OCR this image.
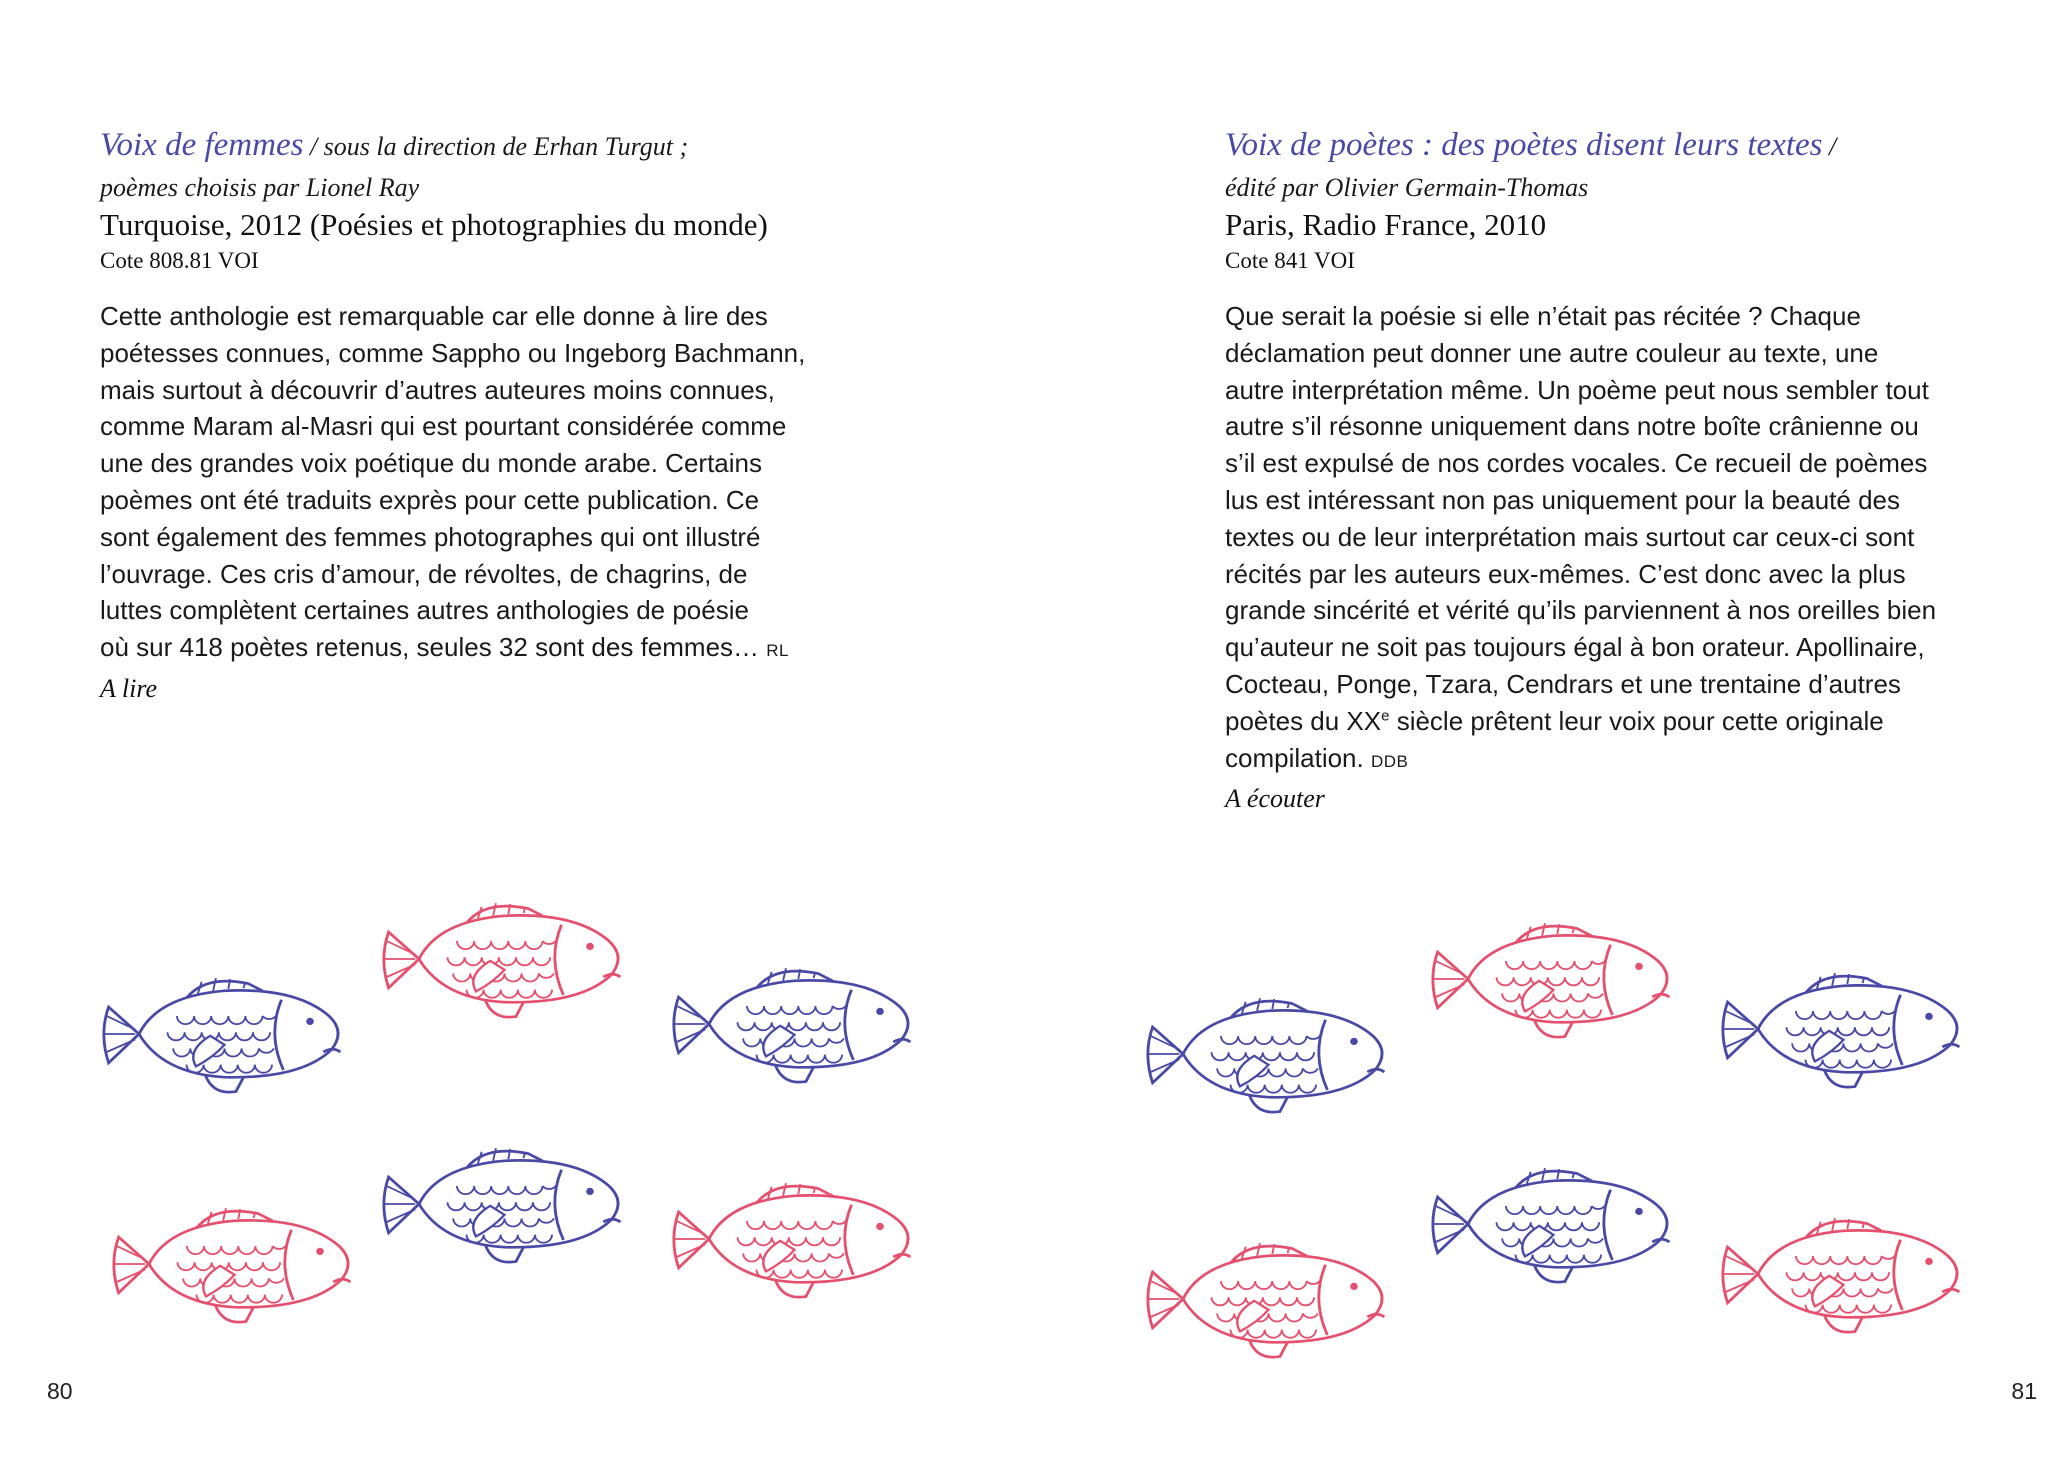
Voix de femmes / sous la direction de Erhan Turgut ;
poèmes choisis par Lionel Ray
Turquoise, 2012 (Poésies et photographies du monde)
Cote 808.81 VOI
Cette anthologie est remarquable car elle donne à lire des
poétesses connues, comme Sappho ou Ingeborg Bachmann,
mais surtout à découvrir d’autres auteures moins connues,
comme Maram al-Masri qui est pourtant considérée comme
une des grandes voix poétique du monde arabe. Certains
poèmes ont été traduits exprès pour cette publication. Ce
sont également des femmes photographes qui ont illustré
l’ouvrage. Ces cris d’amour, de révoltes, de chagrins, de
luttes complètent certaines autres anthologies de poésie
où sur 418 poètes retenus, seules 32 sont des femmes… RL
A lire
80
Voix de poètes : des poètes disent leurs textes /
édité par Olivier Germain-Thomas
Paris, Radio France, 2010
Cote 841 VOI
Que serait la poésie si elle n’était pas récitée ? Chaque
déclamation peut donner une autre couleur au texte, une
autre interprétation même. Un poème peut nous sembler tout
autre s’il résonne uniquement dans notre boîte crânienne ou
s’il est expulsé de nos cordes vocales. Ce recueil de poèmes
lus est intéressant non pas uniquement pour la beauté des
textes ou de leur interprétation mais surtout car ceux-ci sont
récités par les auteurs eux-mêmes. C’est donc avec la plus
grande sincérité et vérité qu’ils parviennent à nos oreilles bien
qu’auteur ne soit pas toujours égal à bon orateur. Apollinaire,
Cocteau, Ponge, Tzara, Cendrars et une trentaine d’autres
poètes du XXe siècle prêtent leur voix pour cette originale
compilation. DDB
A écouter
81
